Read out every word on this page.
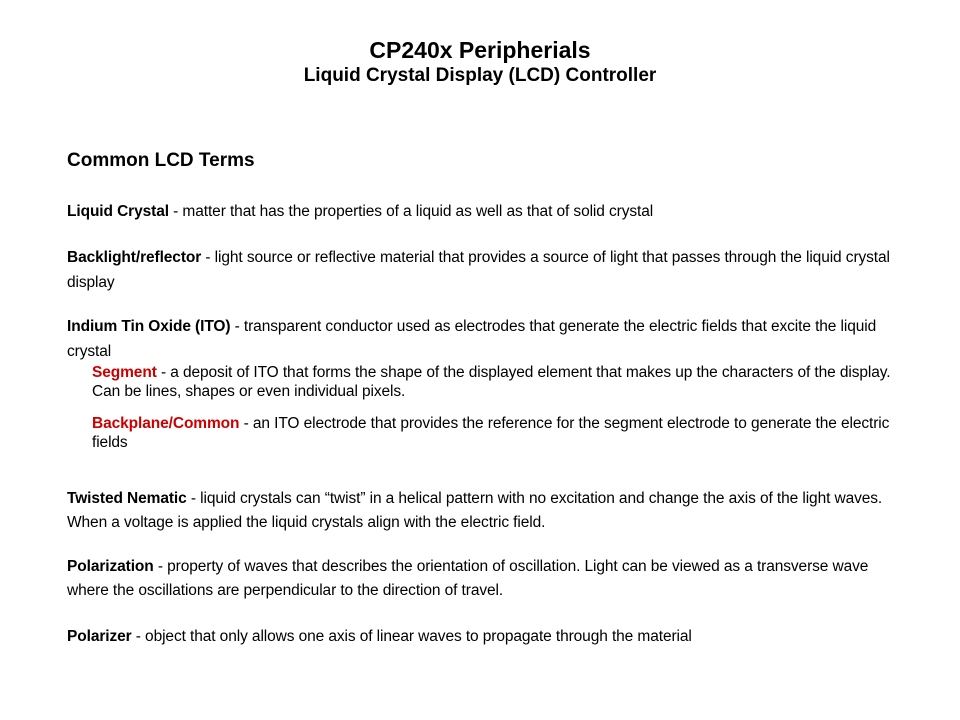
CP240x Peripherials
Liquid Crystal Display (LCD) Controller
Common LCD Terms
Liquid Crystal - matter that has the properties of a liquid as well as that of solid crystal
Backlight/reflector - light source or reflective material that provides a source of light that passes through the liquid crystal display
Indium Tin Oxide (ITO) - transparent conductor used as electrodes that generate the electric fields that excite the liquid crystal
Segment - a deposit of ITO that forms the shape of the displayed element that makes up the characters of the display. Can be lines, shapes or even individual pixels.
Backplane/Common - an ITO electrode that provides the reference for the segment electrode to generate the electric fields
Twisted Nematic - liquid crystals can “twist” in a helical pattern with no excitation and change the axis of the light waves. When a voltage is applied the liquid crystals align with the electric field.
Polarization - property of waves that describes the orientation of oscillation. Light can be viewed as a transverse wave where the oscillations are perpendicular to the direction of travel.
Polarizer - object that only allows one axis of linear waves to propagate through the material
